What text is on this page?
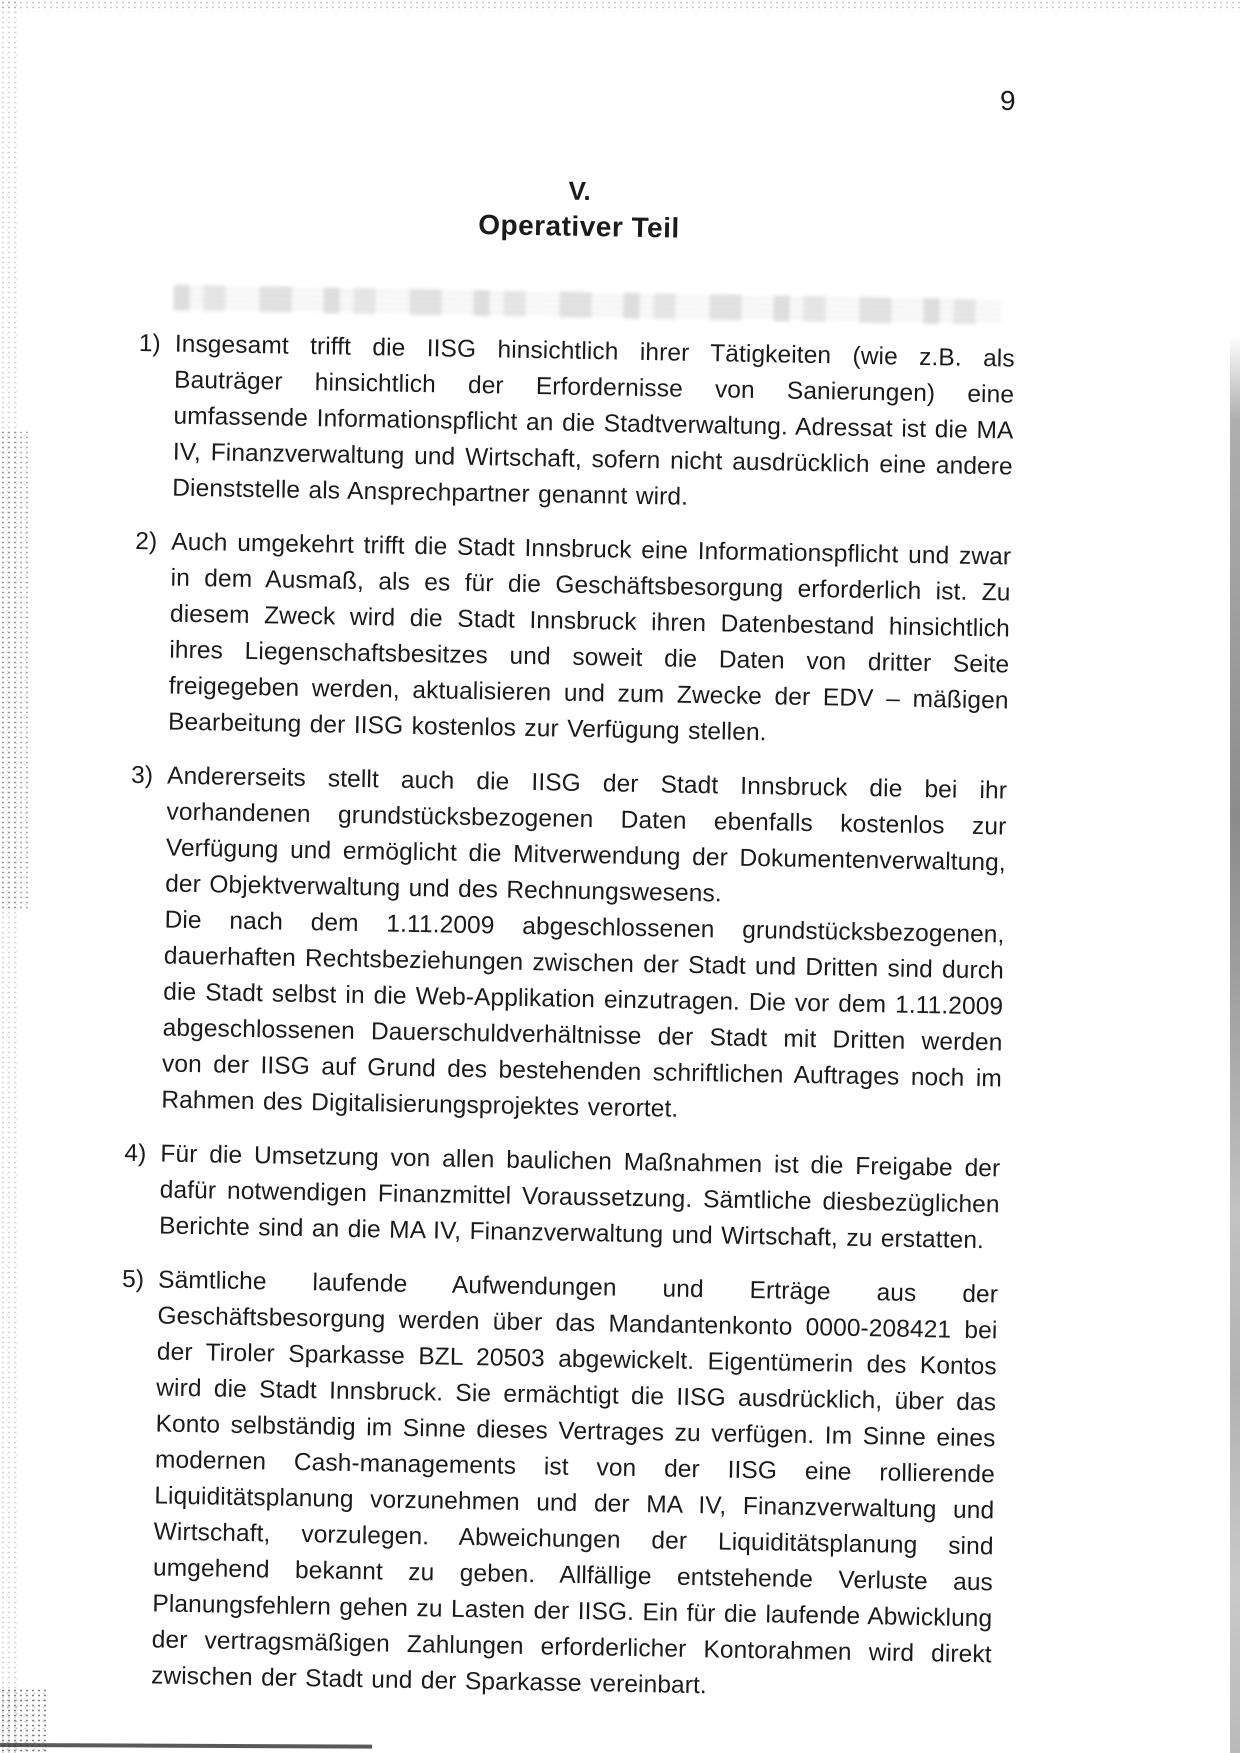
9
V.
Operativer Teil
1) Insgesamt trifft die IISG hinsichtlich ihrer Tätigkeiten (wie z.B. als Bauträger hinsichtlich der Erfordernisse von Sanierungen) eine umfassende Informationspflicht an die Stadtverwaltung. Adressat ist die MA IV, Finanzverwaltung und Wirtschaft, sofern nicht ausdrücklich eine andere Dienststelle als Ansprechpartner genannt wird.

2) Auch umgekehrt trifft die Stadt Innsbruck eine Informationspflicht und zwar in dem Ausmaß, als es für die Geschäftsbesorgung erforderlich ist. Zu diesem Zweck wird die Stadt Innsbruck ihren Datenbestand hinsichtlich ihres Liegenschaftsbesitzes und soweit die Daten von dritter Seite freigegeben werden, aktualisieren und zum Zwecke der EDV – mäßigen Bearbeitung der IISG kostenlos zur Verfügung stellen.

3) Andererseits stellt auch die IISG der Stadt Innsbruck die bei ihr vorhandenen grundstücksbezogenen Daten ebenfalls kostenlos zur Verfügung und ermöglicht die Mitverwendung der Dokumentenverwaltung, der Objektverwaltung und des Rechnungswesens.

Die nach dem 1.11.2009 abgeschlossenen grundstücksbezogenen, dauerhaften Rechtsbeziehungen zwischen der Stadt und Dritten sind durch die Stadt selbst in die Web-Applikation einzutragen. Die vor dem 1.11.2009 abgeschlossenen Dauerschuldverhältnisse der Stadt mit Dritten werden von der IISG auf Grund des bestehenden schriftlichen Auftrages noch im Rahmen des Digitalisierungsprojektes verortet.

4) Für die Umsetzung von allen baulichen Maßnahmen ist die Freigabe der dafür notwendigen Finanzmittel Voraussetzung. Sämtliche diesbezüglichen Berichte sind an die MA IV, Finanzverwaltung und Wirtschaft, zu erstatten.

5) Sämtliche laufende Aufwendungen und Erträge aus der Geschäftsbesorgung werden über das Mandantenkonto 0000-208421 bei der Tiroler Sparkasse BZL 20503 abgewickelt. Eigentümerin des Kontos wird die Stadt Innsbruck. Sie ermächtigt die IISG ausdrücklich, über das Konto selbständig im Sinne dieses Vertrages zu verfügen. Im Sinne eines modernen Cash-managements ist von der IISG eine rollierende Liquiditätsplanung vorzunehmen und der MA IV, Finanzverwaltung und Wirtschaft, vorzulegen. Abweichungen der Liquiditätsplanung sind umgehend bekannt zu geben. Allfällige entstehende Verluste aus Planungsfehlern gehen zu Lasten der IISG. Ein für die laufende Abwicklung der vertragsmäßigen Zahlungen erforderlicher Kontorahmen wird direkt zwischen der Stadt und der Sparkasse vereinbart.
